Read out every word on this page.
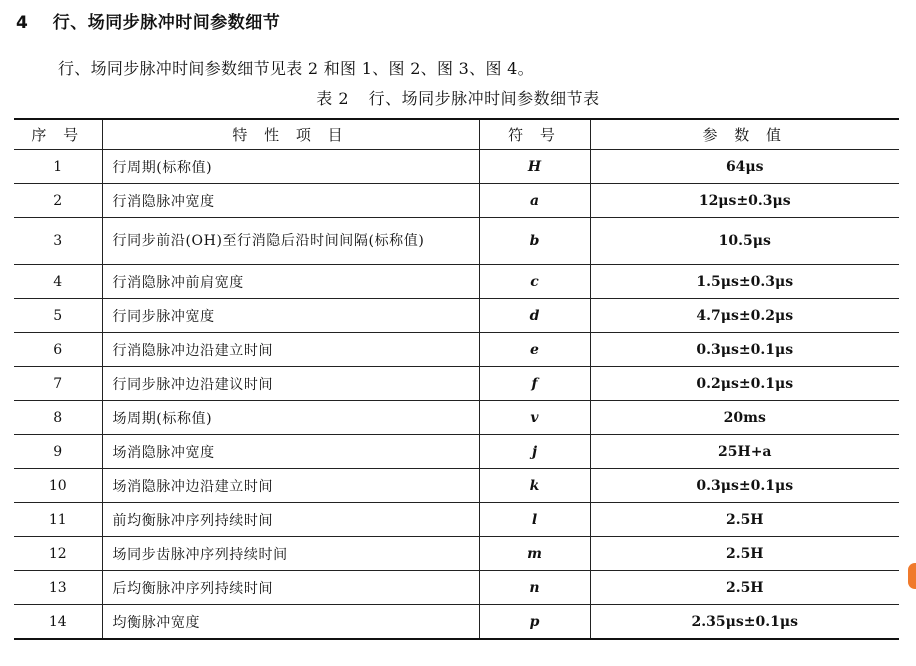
4 行、场同步脉冲时间参数细节
行、场同步脉冲时间参数细节见表 2 和图 1、图 2、图 3、图 4。
表 2 行、场同步脉冲时间参数细节表
序 号	特 性 项 目	符 号	参 数 值
1	行周期(标称值)	H	64μs
2	行消隐脉冲宽度	a	12μs±0.3μs
3	行同步前沿(OH)至行消隐后沿时间间隔(标称值)	b	10.5μs
4	行消隐脉冲前肩宽度	c	1.5μs±0.3μs
5	行同步脉冲宽度	d	4.7μs±0.2μs
6	行消隐脉冲边沿建立时间	e	0.3μs±0.1μs
7	行同步脉冲边沿建议时间	f	0.2μs±0.1μs
8	场周期(标称值)	v	20ms
9	场消隐脉冲宽度	j	25H+a
10	场消隐脉冲边沿建立时间	k	0.3μs±0.1μs
11	前均衡脉冲序列持续时间	l	2.5H
12	场同步齿脉冲序列持续时间	m	2.5H
13	后均衡脉冲序列持续时间	n	2.5H
14	均衡脉冲宽度	p	2.35μs±0.1μs
